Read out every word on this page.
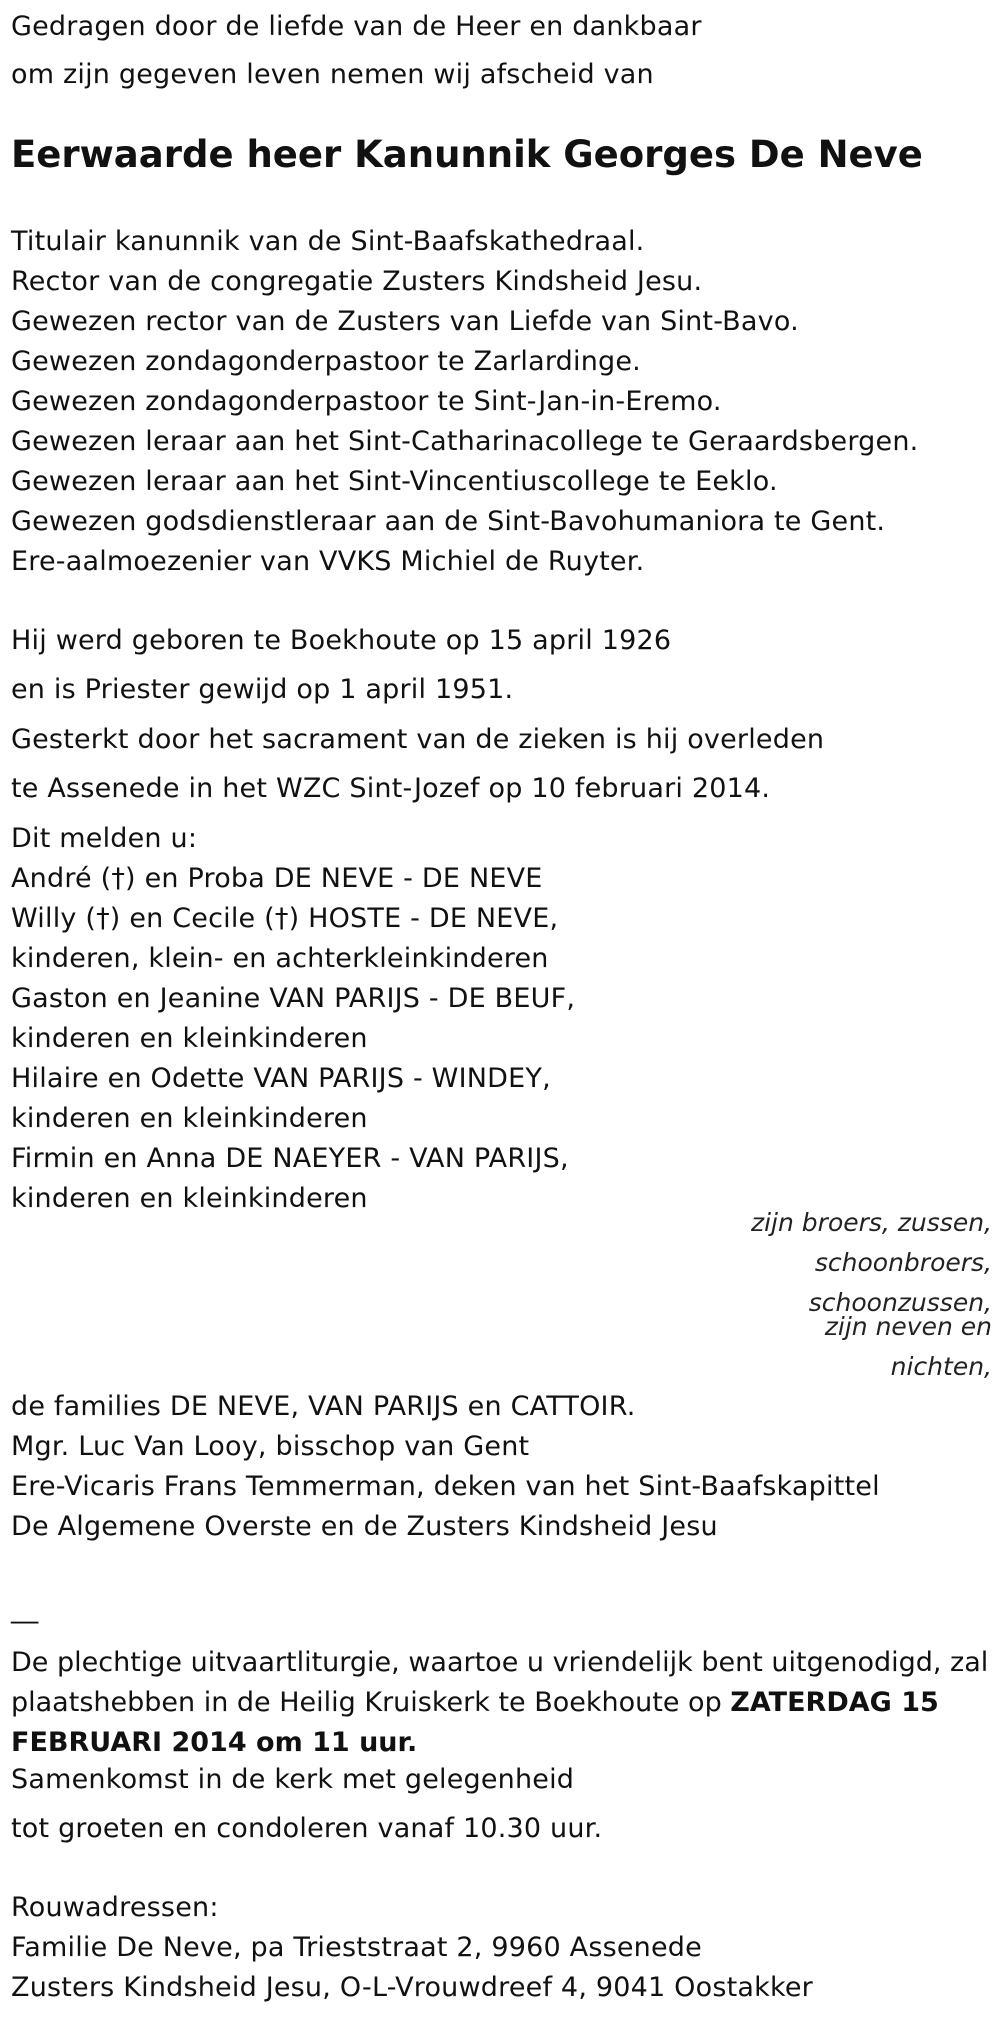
Gedragen door de liefde van de Heer en dankbaar
om zijn gegeven leven nemen wij afscheid van
Eerwaarde heer Kanunnik Georges De Neve
Titulair kanunnik van de Sint-Baafskathedraal.
Rector van de congregatie Zusters Kindsheid Jesu.
Gewezen rector van de Zusters van Liefde van Sint-Bavo.
Gewezen zondagonderpastoor te Zarlardinge.
Gewezen zondagonderpastoor te Sint-Jan-in-Eremo.
Gewezen leraar aan het Sint-Catharinacollege te Geraardsbergen.
Gewezen leraar aan het Sint-Vincentiuscollege te Eeklo.
Gewezen godsdienstleraar aan de Sint-Bavohumaniora te Gent.
Ere-aalmoezenier van VVKS Michiel de Ruyter.
Hij werd geboren te Boekhoute op 15 april 1926
en is Priester gewijd op 1 april 1951.
Gesterkt door het sacrament van de zieken is hij overleden
te Assenede in het WZC Sint-Jozef op 10 februari 2014.
Dit melden u:
André (†) en Proba DE NEVE - DE NEVE
Willy (†) en Cecile (†) HOSTE - DE NEVE,
kinderen, klein- en achterkleinkinderen
Gaston en Jeanine VAN PARIJS - DE BEUF,
kinderen en kleinkinderen
Hilaire en Odette VAN PARIJS - WINDEY,
kinderen en kleinkinderen
Firmin en Anna DE NAEYER - VAN PARIJS,
kinderen en kleinkinderen
zijn broers, zussen,
schoonbroers,
schoonzussen,
zijn neven en
nichten,
de families DE NEVE, VAN PARIJS en CATTOIR.
Mgr. Luc Van Looy, bisschop van Gent
Ere-Vicaris Frans Temmerman, deken van het Sint-Baafskapittel
De Algemene Overste en de Zusters Kindsheid Jesu
__
De plechtige uitvaartliturgie, waartoe u vriendelijk bent uitgenodigd, zal plaatshebben in de Heilig Kruiskerk te Boekhoute op ZATERDAG 15 FEBRUARI 2014 om 11 uur.
Samenkomst in de kerk met gelegenheid
tot groeten en condoleren vanaf 10.30 uur.
Rouwadressen:
Familie De Neve, pa Trieststraat 2, 9960 Assenede
Zusters Kindsheid Jesu, O-L-Vrouwdreef 4, 9041 Oostakker
